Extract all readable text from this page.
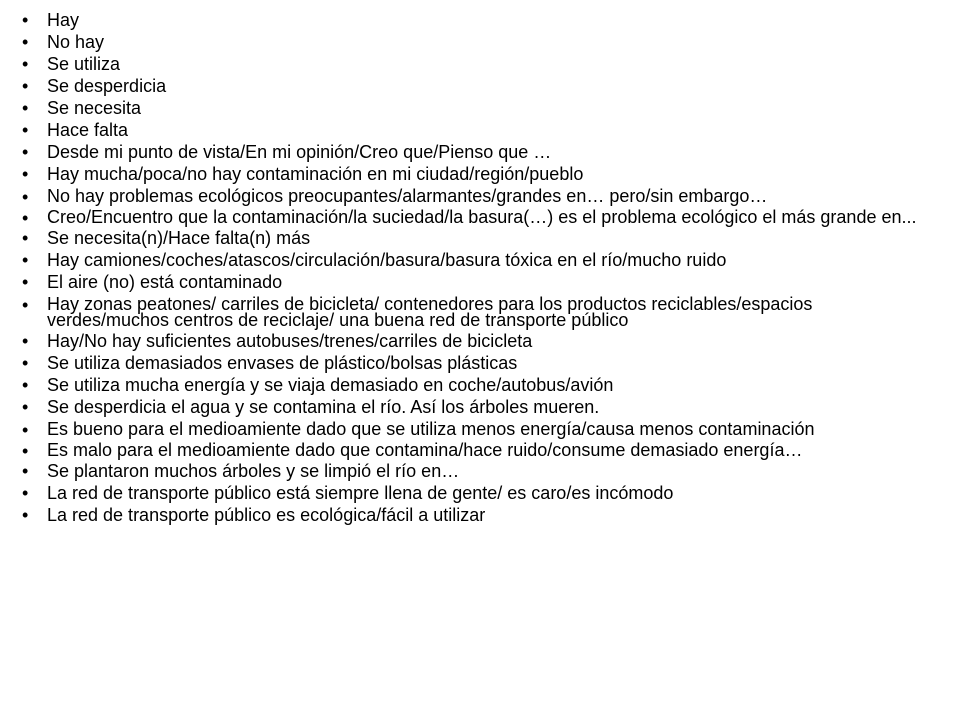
• Hay
• No hay
• Se utiliza
• Se desperdicia
• Se necesita
• Hace falta
• Desde mi punto de vista/En mi opinión/Creo que/Pienso que …
• Hay mucha/poca/no hay contaminación en mi ciudad/región/pueblo
• No hay problemas ecológicos preocupantes/alarmantes/grandes en… pero/sin embargo…
• Creo/Encuentro que la contaminación/la suciedad/la basura(…) es el problema ecológico el más grande en...
• Se necesita(n)/Hace falta(n) más
• Hay camiones/coches/atascos/circulación/basura/basura tóxica en el río/mucho ruido
• El aire (no) está contaminado
• Hay zonas peatones/ carriles de bicicleta/ contenedores para los productos reciclables/espacios verdes/muchos centros de reciclaje/ una buena red de transporte público
• Hay/No hay suficientes autobuses/trenes/carriles de bicicleta
• Se utiliza demasiados envases de plástico/bolsas plásticas
• Se utiliza mucha energía y se viaja demasiado en coche/autobus/avión
• Se desperdicia el agua y se contamina el río. Así los árboles mueren.
• Es bueno para el medioamiente dado que se utiliza menos energía/causa menos contaminación
• Es malo para el medioamiente dado que contamina/hace ruido/consume demasiado energía…
• Se plantaron muchos árboles y se limpió el río en…
• La red de transporte público está siempre llena de gente/ es caro/es incómodo
• La red de transporte público es ecológica/fácil a utilizar
